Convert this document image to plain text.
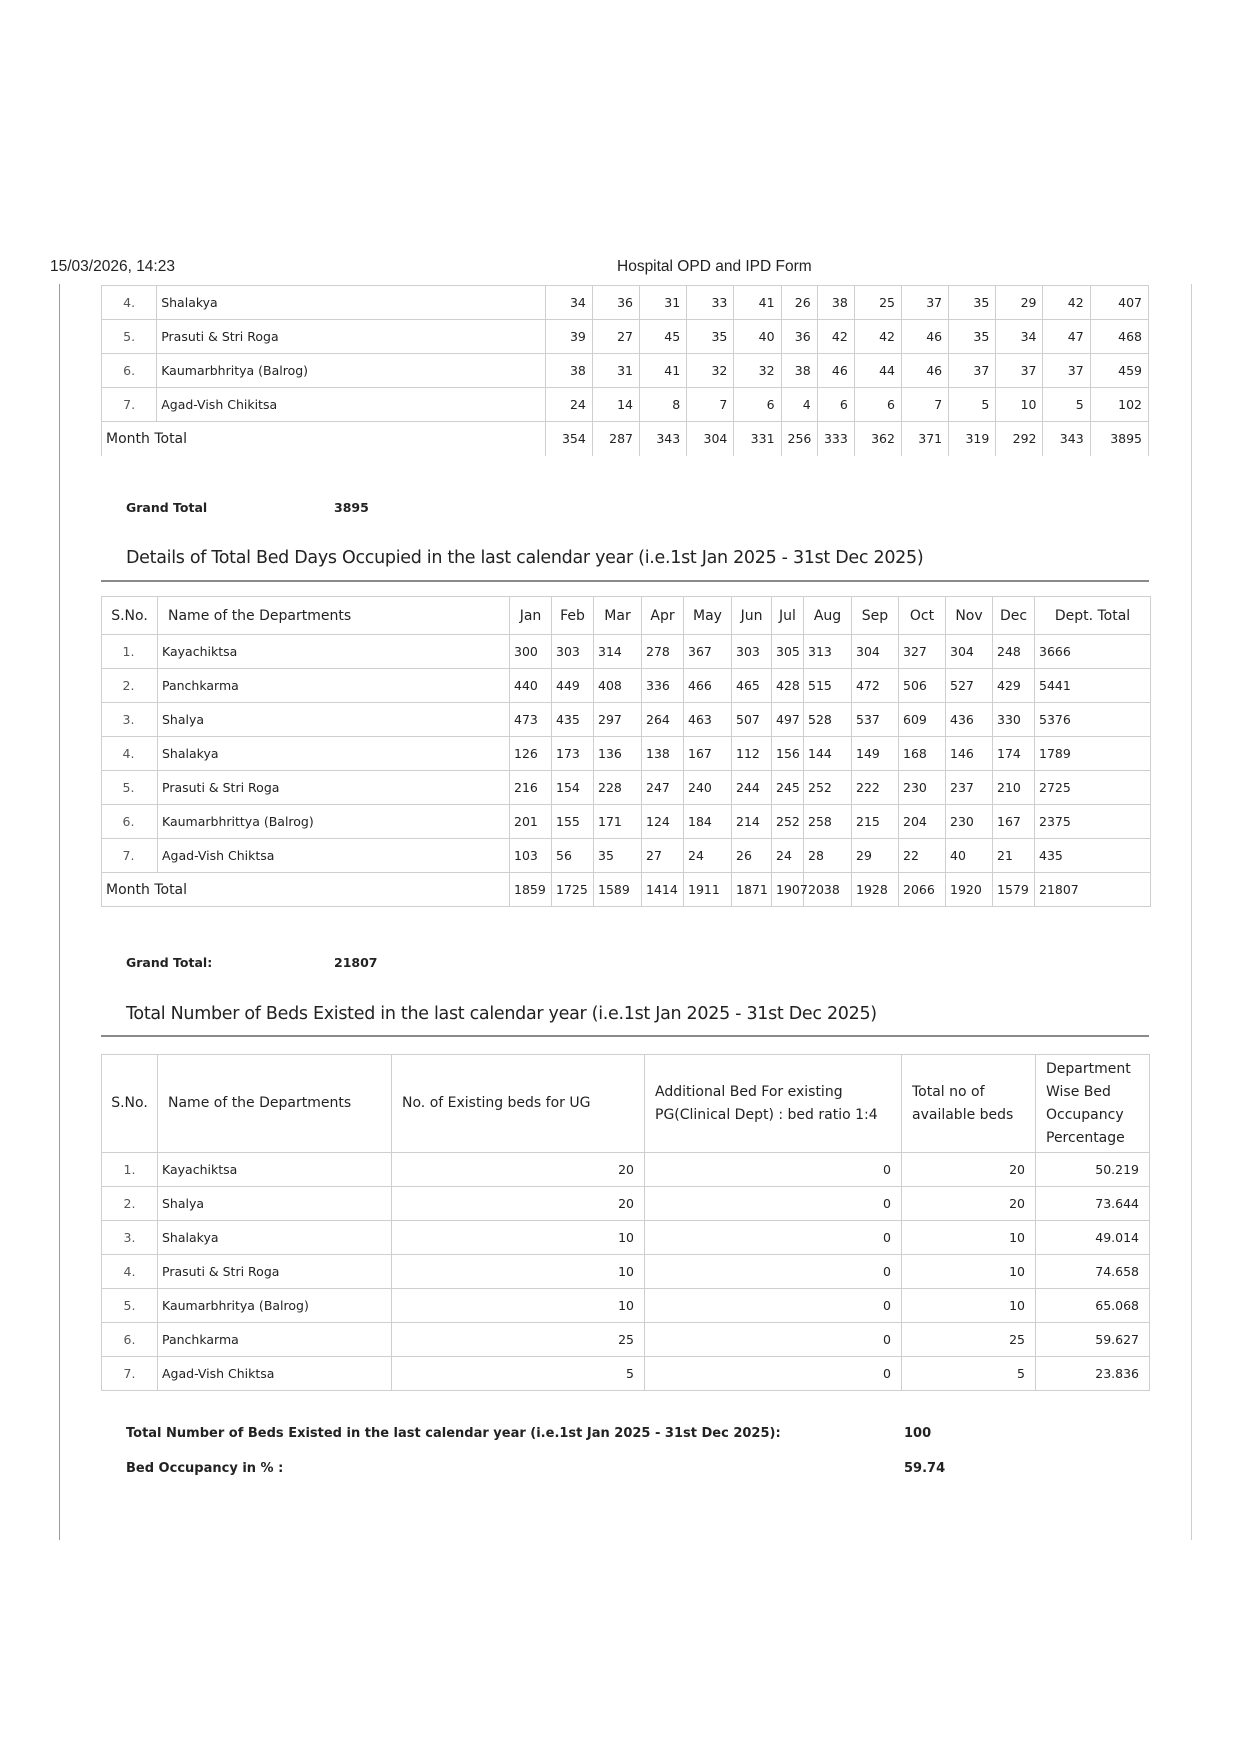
15/03/2026, 14:23	Hospital OPD and IPD Form
4.	Shalakya	34	36	31	33	41	26	38	25	37	35	29	42	407
5.	Prasuti & Stri Roga	39	27	45	35	40	36	42	42	46	35	34	47	468
6.	Kaumarbhritya (Balrog)	38	31	41	32	32	38	46	44	46	37	37	37	459
7.	Agad-Vish Chikitsa	24	14	8	7	6	4	6	6	7	5	10	5	102
Month Total		354	287	343	304	331	256	333	362	371	319	292	343	3895
Grand Total	3895
Details of Total Bed Days Occupied in the last calendar year (i.e.1st Jan 2025 - 31st Dec 2025)
S.No.	Name of the Departments	Jan	Feb	Mar	Apr	May	Jun	Jul	Aug	Sep	Oct	Nov	Dec	Dept. Total
1.	Kayachiktsa	300	303	314	278	367	303	305	313	304	327	304	248	3666
2.	Panchkarma	440	449	408	336	466	465	428	515	472	506	527	429	5441
3.	Shalya	473	435	297	264	463	507	497	528	537	609	436	330	5376
4.	Shalakya	126	173	136	138	167	112	156	144	149	168	146	174	1789
5.	Prasuti & Stri Roga	216	154	228	247	240	244	245	252	222	230	237	210	2725
6.	Kaumarbhrittya (Balrog)	201	155	171	124	184	214	252	258	215	204	230	167	2375
7.	Agad-Vish Chiktsa	103	56	35	27	24	26	24	28	29	22	40	21	435
Month Total		1859	1725	1589	1414	1911	1871	1907	2038	1928	2066	1920	1579	21807
Grand Total:	21807
Total Number of Beds Existed in the last calendar year (i.e.1st Jan 2025 - 31st Dec 2025)
S.No.	Name of the Departments	No. of Existing beds for UG	Additional Bed For existing PG(Clinical Dept) : bed ratio 1:4	Total no of available beds	Department Wise Bed Occupancy Percentage
1.	Kayachiktsa	20	0	20	50.219
2.	Shalya	20	0	20	73.644
3.	Shalakya	10	0	10	49.014
4.	Prasuti & Stri Roga	10	0	10	74.658
5.	Kaumarbhritya (Balrog)	10	0	10	65.068
6.	Panchkarma	25	0	25	59.627
7.	Agad-Vish Chiktsa	5	0	5	23.836
Total Number of Beds Existed in the last calendar year (i.e.1st Jan 2025 - 31st Dec 2025):	100
Bed Occupancy in % :	59.74
